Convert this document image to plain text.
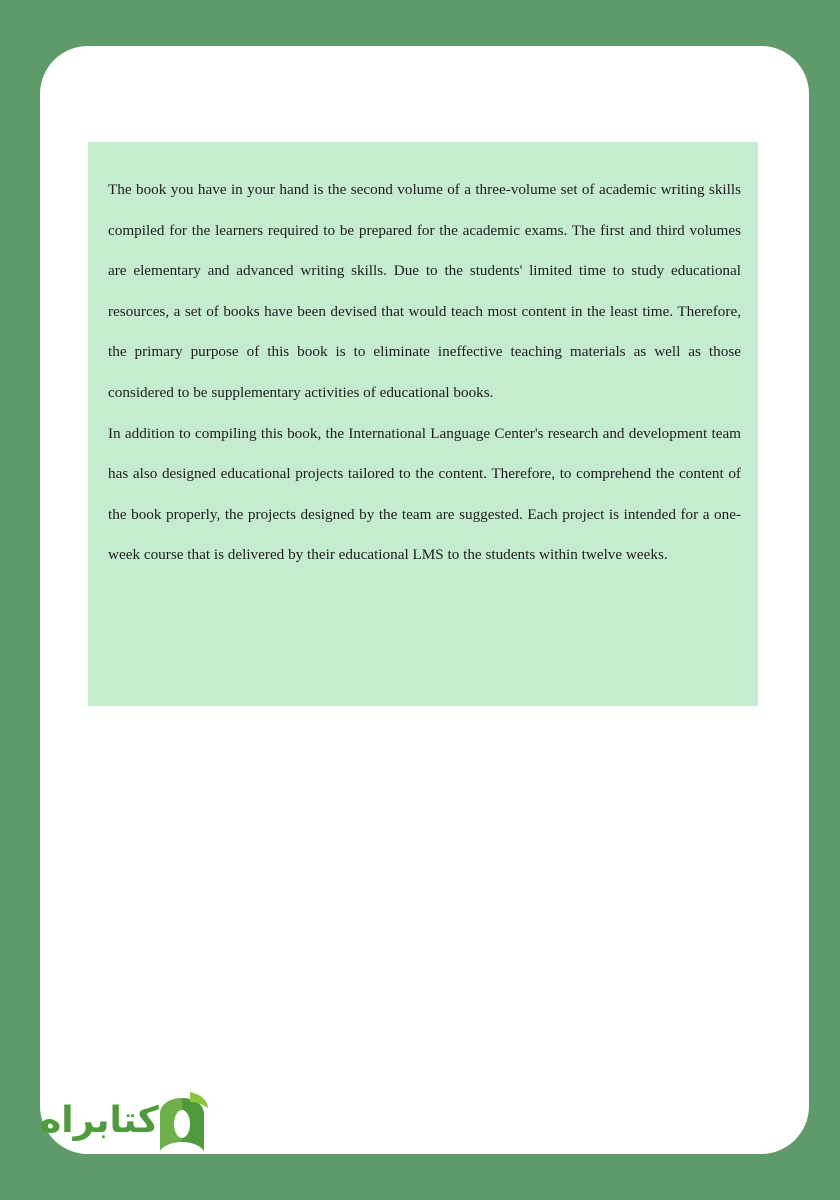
The book you have in your hand is the second volume of a three-volume set of academic writing skills compiled for the learners required to be prepared for the academic exams. The first and third volumes are elementary and advanced writing skills. Due to the students' limited time to study educational resources, a set of books have been devised that would teach most content in the least time. Therefore, the primary purpose of this book is to eliminate ineffective teaching materials as well as those considered to be supplementary activities of educational books.

In addition to compiling this book, the International Language Center's research and development team has also designed educational projects tailored to the content. Therefore, to comprehend the content of the book properly, the projects designed by the team are suggested. Each project is intended for a one-week course that is delivered by their educational LMS to the students within twelve weeks.

کتابراه
